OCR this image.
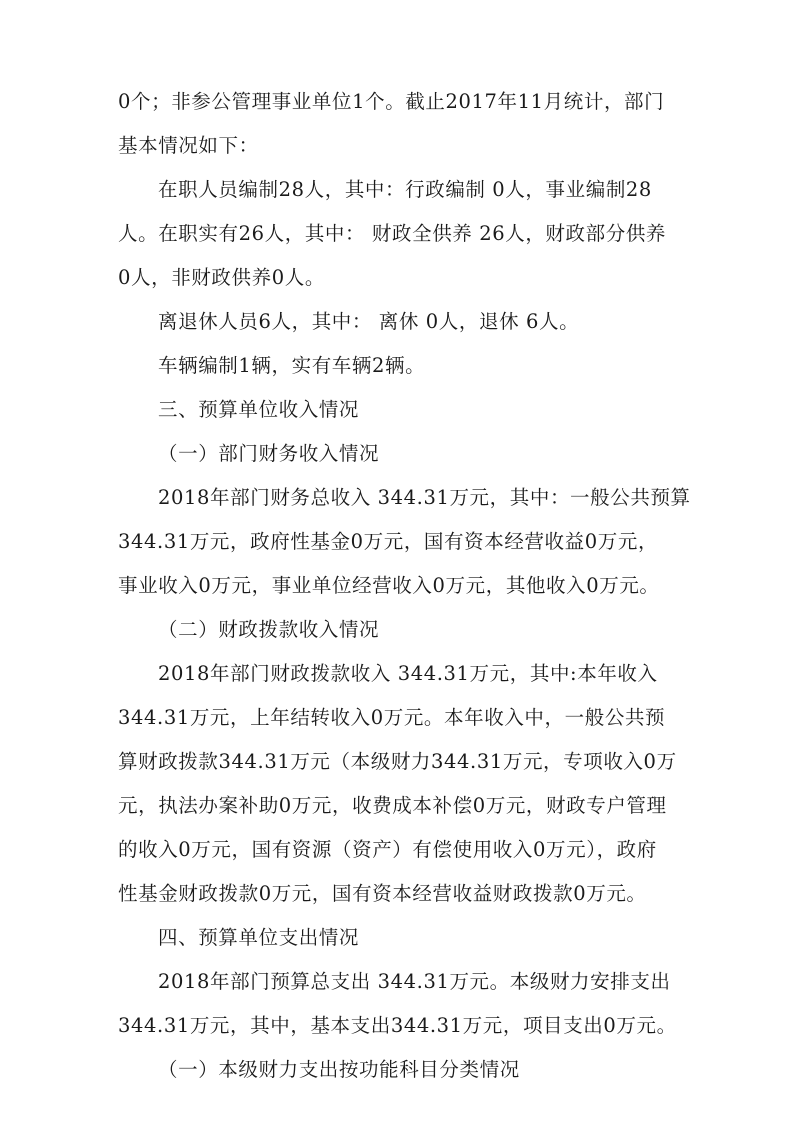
0个；非参公管理事业单位1个。截止2017年11月统计，部门
基本情况如下：
在职人员编制28人，其中：行政编制 0人，事业编制28
人。在职实有26人，其中： 财政全供养 26人，财政部分供养
0人，非财政供养0人。
离退休人员6人，其中： 离休 0人，退休 6人。
车辆编制1辆，实有车辆2辆。
三、预算单位收入情况
（一）部门财务收入情况
2018年部门财务总收入 344.31万元，其中：一般公共预算
344.31万元，政府性基金0万元，国有资本经营收益0万元，
事业收入0万元，事业单位经营收入0万元，其他收入0万元。
（二）财政拨款收入情况
2018年部门财政拨款收入 344.31万元，其中:本年收入
344.31万元，上年结转收入0万元。本年收入中，一般公共预
算财政拨款344.31万元（本级财力344.31万元，专项收入0万
元，执法办案补助0万元，收费成本补偿0万元，财政专户管理
的收入0万元，国有资源（资产）有偿使用收入0万元），政府
性基金财政拨款0万元，国有资本经营收益财政拨款0万元。
四、预算单位支出情况
2018年部门预算总支出 344.31万元。本级财力安排支出
344.31万元，其中，基本支出344.31万元，项目支出0万元。
（一）本级财力支出按功能科目分类情况
